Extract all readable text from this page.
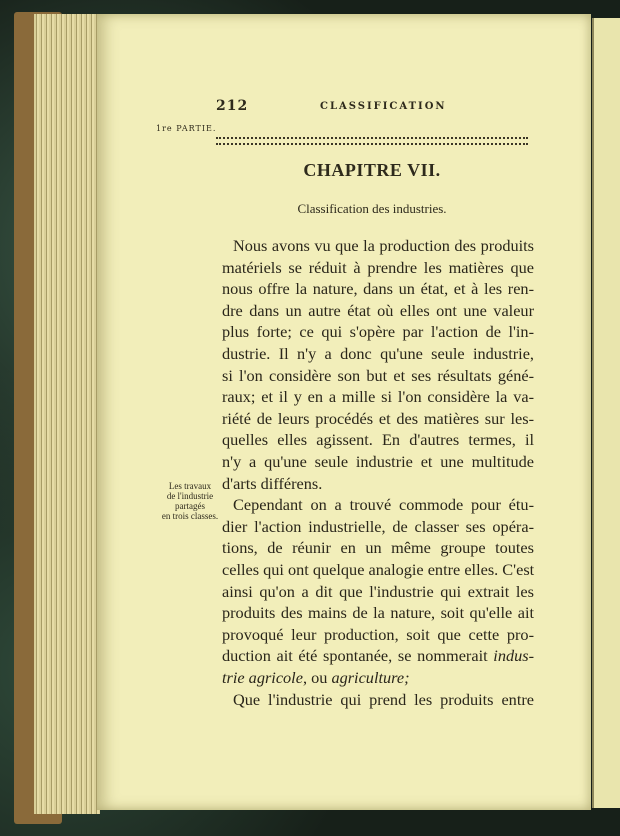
212	CLASSIFICATION
1re PARTIE.
CHAPITRE VII.
Classification des industries.
Les travaux
de l'industrie
partagés
en trois classes.
Nous avons vu que la production des produits
matériels se réduit à prendre les matières que
nous offre la nature, dans un état, et à les ren-
dre dans un autre état où elles ont une valeur
plus forte; ce qui s'opère par l'action de l'in-
dustrie. Il n'y a donc qu'une seule industrie,
si l'on considère son but et ses résultats géné-
raux; et il y en a mille si l'on considère la va-
riété de leurs procédés et des matières sur les-
quelles elles agissent. En d'autres termes, il
n'y a qu'une seule industrie et une multitude
d'arts différens.
Cependant on a trouvé commode pour étu-
dier l'action industrielle, de classer ses opéra-
tions, de réunir en un même groupe toutes
celles qui ont quelque analogie entre elles. C'est
ainsi qu'on a dit que l'industrie qui extrait les
produits des mains de la nature, soit qu'elle ait
provoqué leur production, soit que cette pro-
duction ait été spontanée, se nommerait indus-
trie agricole, ou agriculture;
Que l'industrie qui prend les produits entre
